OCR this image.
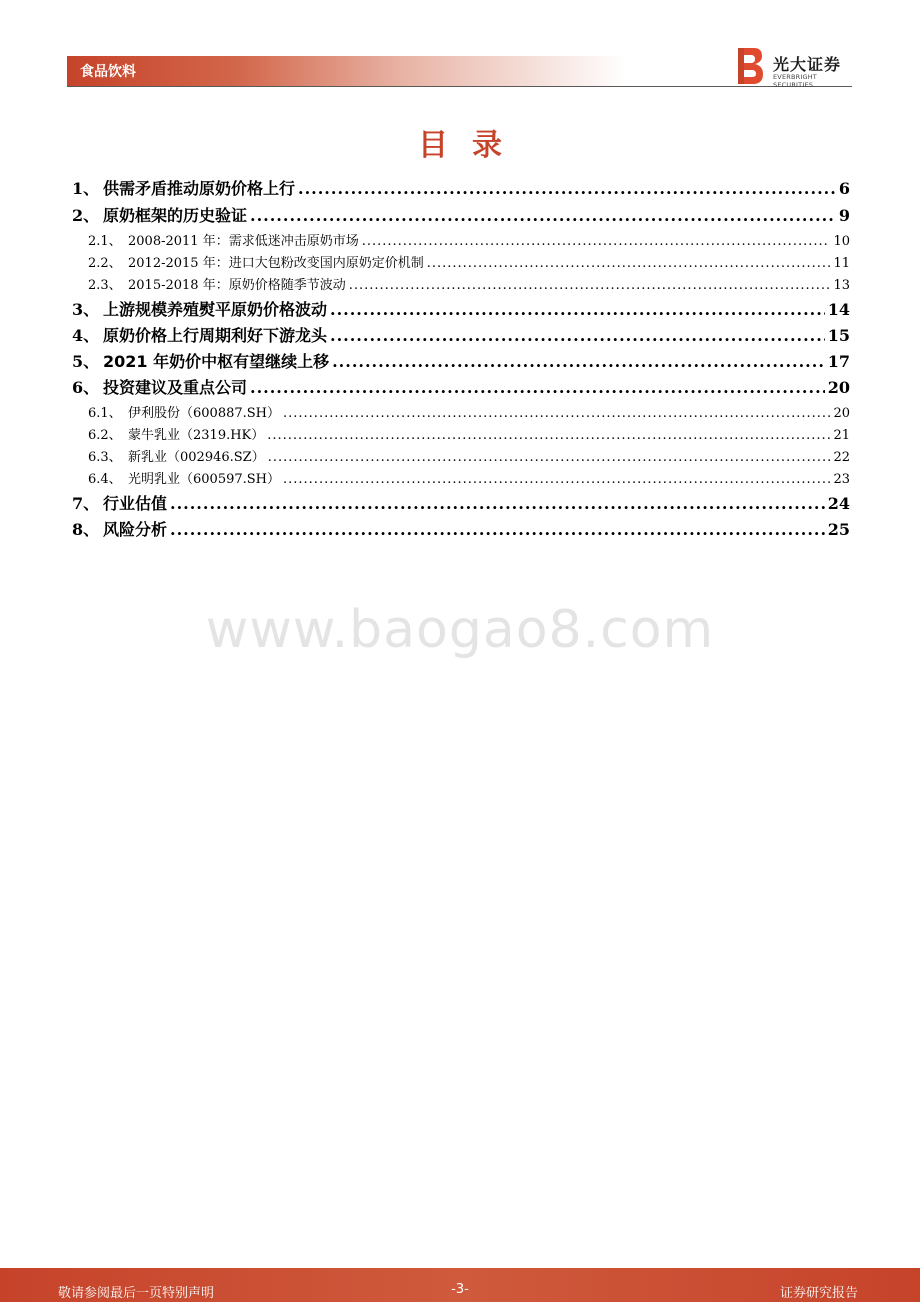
食品饮料	光大证券
EVERBRIGHT SECURITIES
目录
1、 供需矛盾推动原奶价格上行 .....	6
2、 原奶框架的历史验证 .....	9
2.1、 2008-2011 年：需求低迷冲击原奶市场 .....	10
2.2、 2012-2015 年：进口大包粉改变国内原奶定价机制 .....	11
2.3、 2015-2018 年：原奶价格随季节波动 .....	13
3、 上游规模养殖熨平原奶价格波动 .....	14
4、 原奶价格上行周期利好下游龙头 .....	15
5、 2021 年奶价中枢有望继续上移 .....	17
6、 投资建议及重点公司 .....	20
6.1、 伊利股份（600887.SH） .....	20
6.2、 蒙牛乳业（2319.HK） .....	21
6.3、 新乳业（002946.SZ） .....	22
6.4、 光明乳业（600597.SH） .....	23
7、 行业估值 .....	24
8、 风险分析 .....	25
www.baogao8.com
敬请参阅最后一页特别声明	-3-	证券研究报告
